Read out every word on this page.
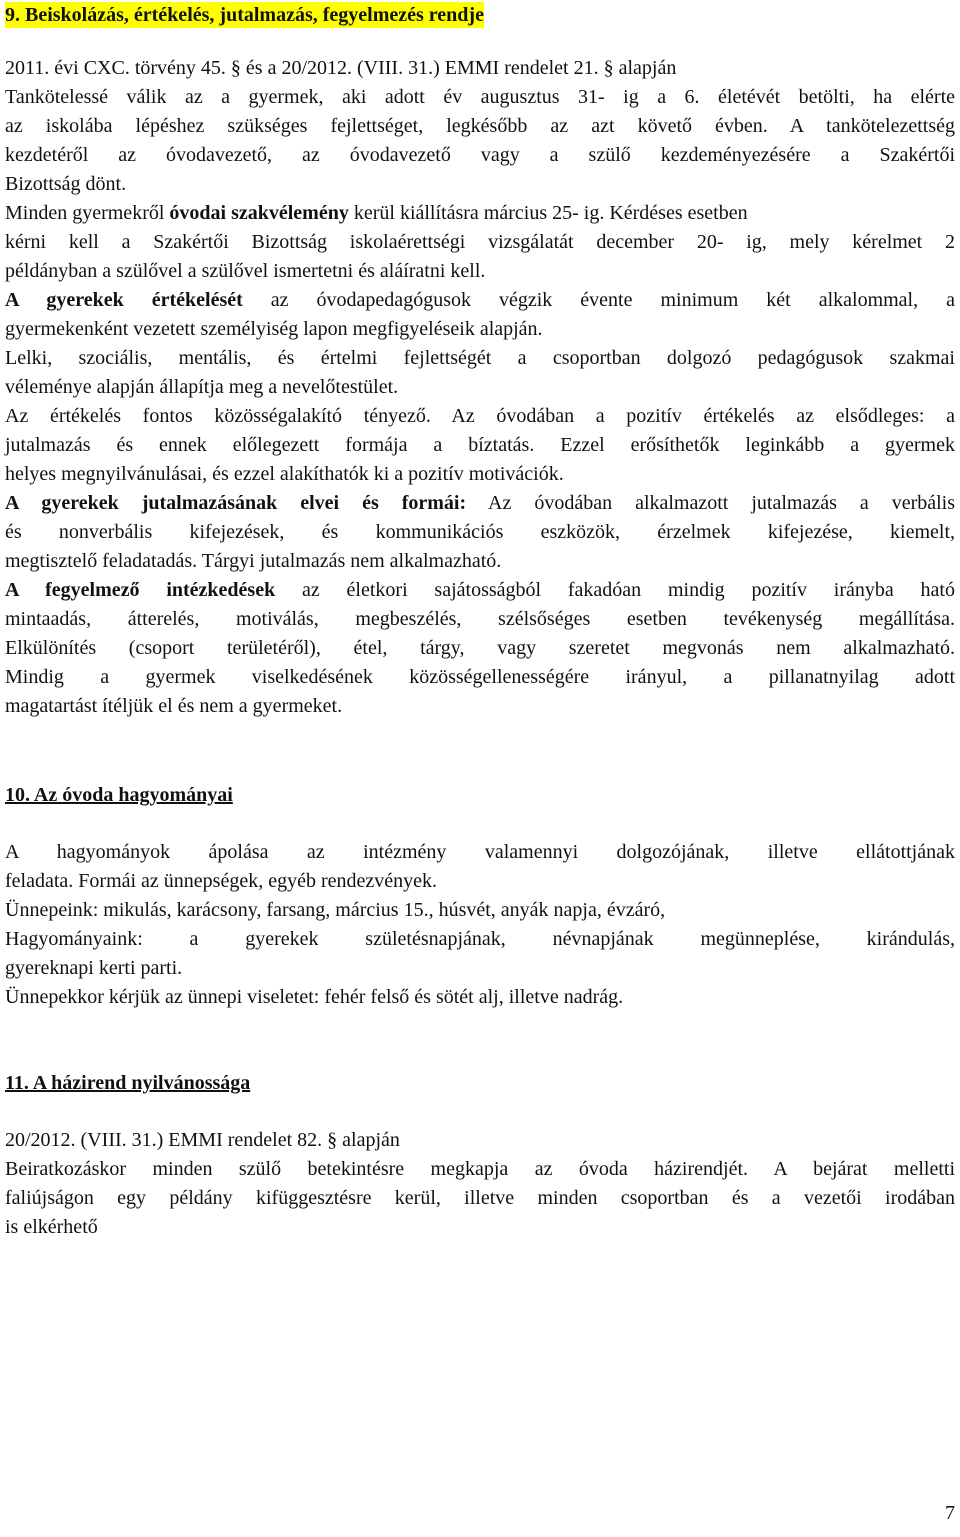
9. Beiskolázás, értékelés, jutalmazás, fegyelmezés rendje
2011. évi CXC. törvény 45. § és a 20/2012. (VIII. 31.) EMMI rendelet 21. § alapján
Tankötelessé válik az a gyermek, aki adott év augusztus 31- ig a 6. életévét betölti, ha elérte
az iskolába lépéshez szükséges fejlettséget, legkésőbb az azt követő évben. A tankötelezettség
kezdetéről az óvodavezető, az óvodavezető vagy a szülő kezdeményezésére a Szakértői
Bizottság dönt.
Minden gyermekről óvodai szakvélemény kerül kiállításra március 25- ig. Kérdéses esetben
kérni kell a Szakértői Bizottság iskolaérettségi vizsgálatát december 20- ig, mely kérelmet 2
példányban a szülővel a szülővel ismertetni és aláíratni kell.
A gyerekek értékelését az óvodapedagógusok végzik évente minimum két alkalommal, a
gyermekenként vezetett személyiség lapon megfigyeléseik alapján.
Lelki, szociális, mentális, és értelmi fejlettségét a csoportban dolgozó pedagógusok szakmai
véleménye alapján állapítja meg a nevelőtestület.
Az értékelés fontos közösségalakító tényező. Az óvodában a pozitív értékelés az elsődleges: a
jutalmazás és ennek előlegezett formája a bíztatás. Ezzel erősíthetők leginkább a gyermek
helyes megnyilvánulásai, és ezzel alakíthatók ki a pozitív motivációk.
A gyerekek jutalmazásának elvei és formái: Az óvodában alkalmazott jutalmazás a verbális
és nonverbális kifejezések, és kommunikációs eszközök, érzelmek kifejezése, kiemelt,
megtisztelő feladatadás. Tárgyi jutalmazás nem alkalmazható.
A fegyelmező intézkedések az életkori sajátosságból fakadóan mindig pozitív irányba ható
mintaadás, átterelés, motiválás, megbeszélés, szélsőséges esetben tevékenység megállítása.
Elkülönítés (csoport területéről), étel, tárgy, vagy szeretet megvonás nem alkalmazható.
Mindig a gyermek viselkedésének közösségellenességére irányul, a pillanatnyilag adott
magatartást ítéljük el és nem a gyermeket.
10. Az óvoda hagyományai
A hagyományok ápolása az intézmény valamennyi dolgozójának, illetve ellátottjának
feladata. Formái az ünnepségek, egyéb rendezvények.
Ünnepeink: mikulás, karácsony, farsang, március 15., húsvét, anyák napja, évzáró,
Hagyományaink: a gyerekek születésnapjának, névnapjának megünneplése, kirándulás,
gyereknapi kerti parti.
Ünnepekkor kérjük az ünnepi viseletet: fehér felső és sötét alj, illetve nadrág.
11. A házirend nyilvánossága
20/2012. (VIII. 31.) EMMI rendelet 82. § alapján
Beiratkozáskor minden szülő betekintésre megkapja az óvoda házirendjét. A bejárat melletti
faliújságon egy példány kifüggesztésre kerül, illetve minden csoportban és a vezetői irodában
is elkérhető
7
